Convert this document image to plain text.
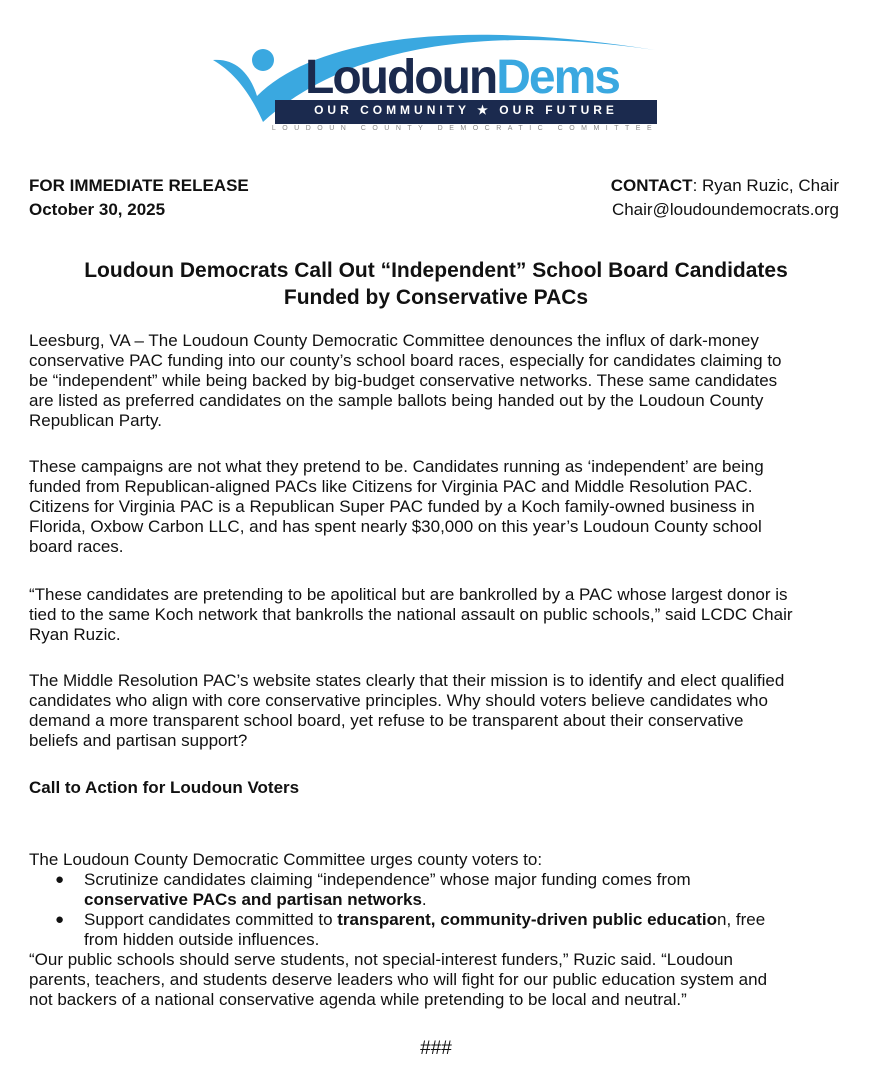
LoudounDems
OUR COMMUNITY ★ OUR FUTURE
LOUDOUN COUNTY DEMOCRATIC COMMITTEE
FOR IMMEDIATE RELEASE
October 30, 2025
CONTACT: Ryan Ruzic, Chair
Chair@loudoundemocrats.org
Loudoun Democrats Call Out “Independent” School Board Candidates
Funded by Conservative PACs
Leesburg, VA – The Loudoun County Democratic Committee denounces the influx of dark-money
conservative PAC funding into our county’s school board races, especially for candidates claiming to
be “independent” while being backed by big-budget conservative networks. These same candidates
are listed as preferred candidates on the sample ballots being handed out by the Loudoun County
Republican Party.
These campaigns are not what they pretend to be. Candidates running as ‘independent’ are being
funded from Republican-aligned PACs like Citizens for Virginia PAC and Middle Resolution PAC.
Citizens for Virginia PAC is a Republican Super PAC funded by a Koch family-owned business in
Florida, Oxbow Carbon LLC, and has spent nearly $30,000 on this year’s Loudoun County school
board races.
“These candidates are pretending to be apolitical but are bankrolled by a PAC whose largest donor is
tied to the same Koch network that bankrolls the national assault on public schools,” said LCDC Chair
Ryan Ruzic.
The Middle Resolution PAC’s website states clearly that their mission is to identify and elect qualified
candidates who align with core conservative principles. Why should voters believe candidates who
demand a more transparent school board, yet refuse to be transparent about their conservative
beliefs and partisan support?
Call to Action for Loudoun Voters
The Loudoun County Democratic Committee urges county voters to:
● Scrutinize candidates claiming “independence” whose major funding comes from
conservative PACs and partisan networks.
● Support candidates committed to transparent, community-driven public education, free
from hidden outside influences.
“Our public schools should serve students, not special-interest funders,” Ruzic said. “Loudoun
parents, teachers, and students deserve leaders who will fight for our public education system and
not backers of a national conservative agenda while pretending to be local and neutral.”
###
